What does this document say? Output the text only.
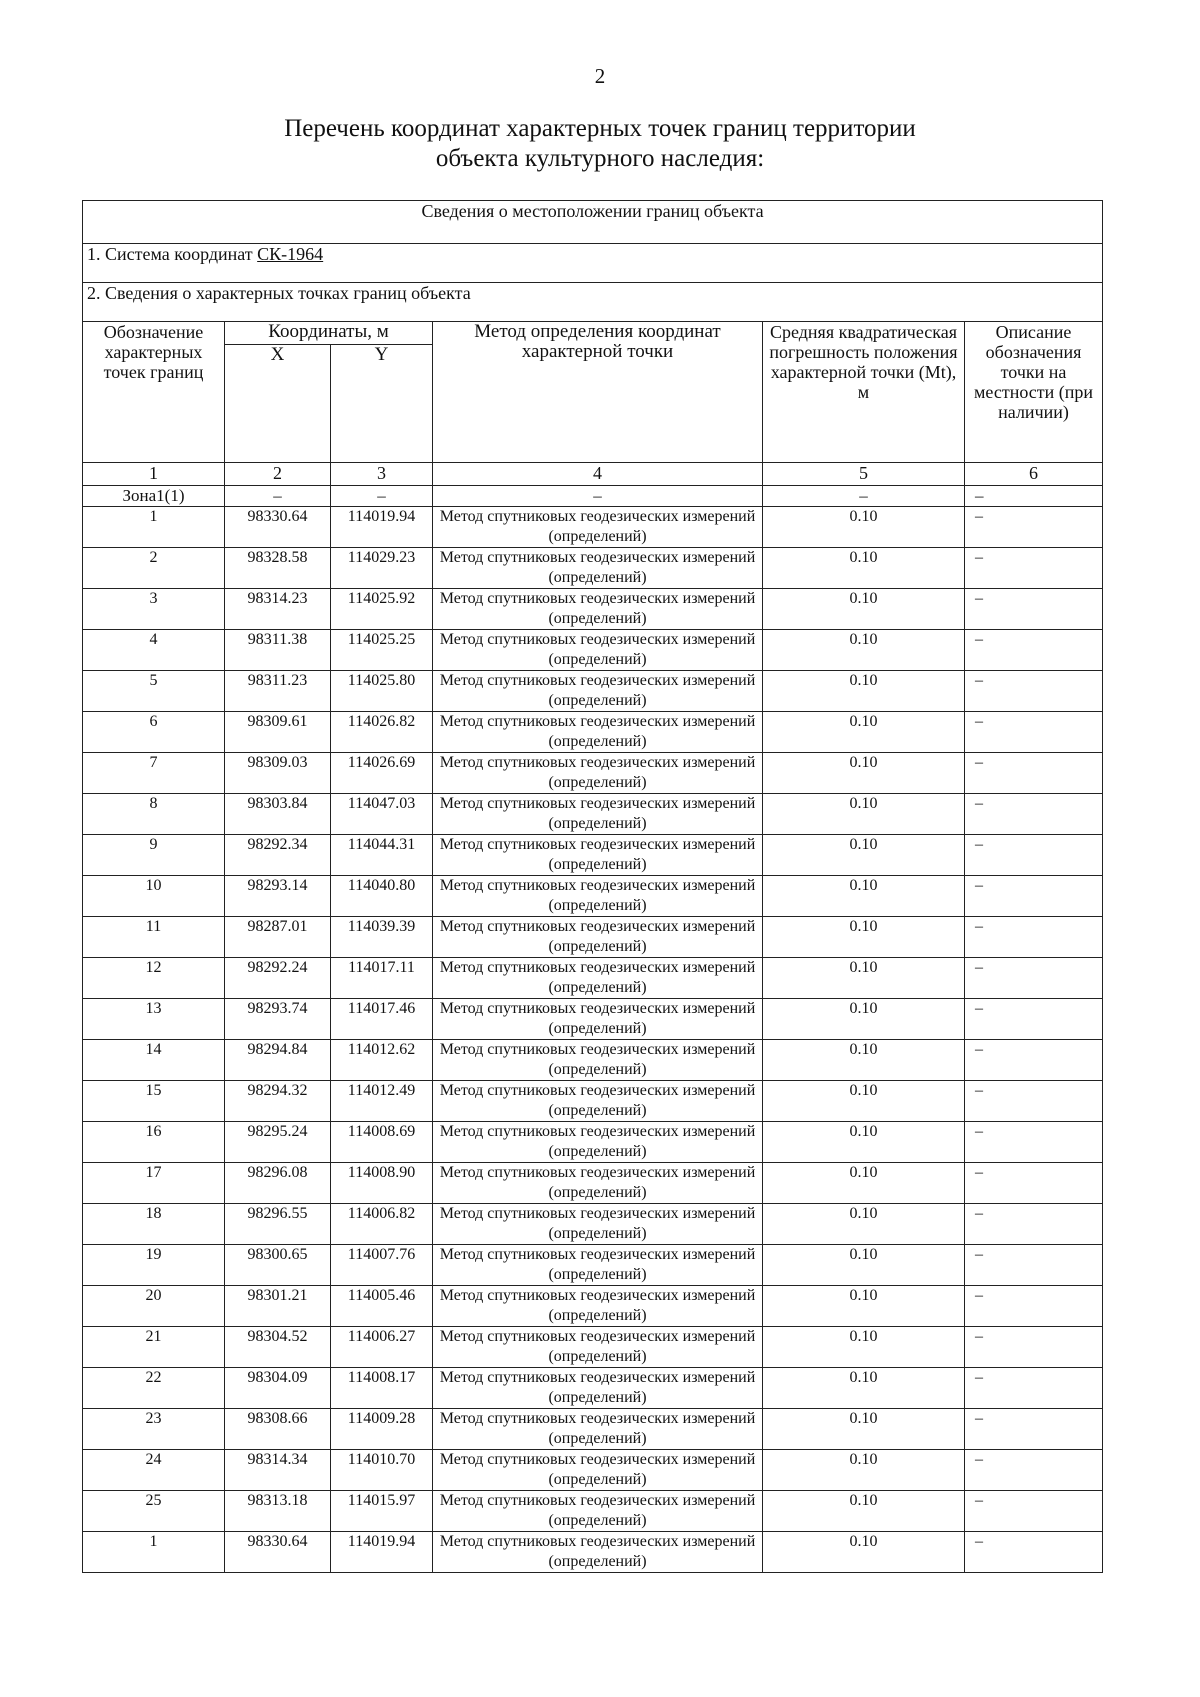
2
Перечень координат характерных точек границ территории
объекта культурного наследия:
Сведения о местоположении границ объекта					
1. Система координат СК-1964					
2. Сведения о характерных точках границ объекта					
Обозначение характерных точек границ	Координаты, м		Метод определения координат характерной точки	Средняя квадратическая погрешность положения характерной точки (Mt), м	Описание обозначения точки на местности (при наличии)
	X	Y			
1	2	3	4	5	6
Зона1(1)	–	–	–	–	–
1	98330.64	114019.94	Метод спутниковых геодезических измерений (определений)	0.10	–
2	98328.58	114029.23	Метод спутниковых геодезических измерений (определений)	0.10	–
3	98314.23	114025.92	Метод спутниковых геодезических измерений (определений)	0.10	–
4	98311.38	114025.25	Метод спутниковых геодезических измерений (определений)	0.10	–
5	98311.23	114025.80	Метод спутниковых геодезических измерений (определений)	0.10	–
6	98309.61	114026.82	Метод спутниковых геодезических измерений (определений)	0.10	–
7	98309.03	114026.69	Метод спутниковых геодезических измерений (определений)	0.10	–
8	98303.84	114047.03	Метод спутниковых геодезических измерений (определений)	0.10	–
9	98292.34	114044.31	Метод спутниковых геодезических измерений (определений)	0.10	–
10	98293.14	114040.80	Метод спутниковых геодезических измерений (определений)	0.10	–
11	98287.01	114039.39	Метод спутниковых геодезических измерений (определений)	0.10	–
12	98292.24	114017.11	Метод спутниковых геодезических измерений (определений)	0.10	–
13	98293.74	114017.46	Метод спутниковых геодезических измерений (определений)	0.10	–
14	98294.84	114012.62	Метод спутниковых геодезических измерений (определений)	0.10	–
15	98294.32	114012.49	Метод спутниковых геодезических измерений (определений)	0.10	–
16	98295.24	114008.69	Метод спутниковых геодезических измерений (определений)	0.10	–
17	98296.08	114008.90	Метод спутниковых геодезических измерений (определений)	0.10	–
18	98296.55	114006.82	Метод спутниковых геодезических измерений (определений)	0.10	–
19	98300.65	114007.76	Метод спутниковых геодезических измерений (определений)	0.10	–
20	98301.21	114005.46	Метод спутниковых геодезических измерений (определений)	0.10	–
21	98304.52	114006.27	Метод спутниковых геодезических измерений (определений)	0.10	–
22	98304.09	114008.17	Метод спутниковых геодезических измерений (определений)	0.10	–
23	98308.66	114009.28	Метод спутниковых геодезических измерений (определений)	0.10	–
24	98314.34	114010.70	Метод спутниковых геодезических измерений (определений)	0.10	–
25	98313.18	114015.97	Метод спутниковых геодезических измерений (определений)	0.10	–
1	98330.64	114019.94	Метод спутниковых геодезических измерений (определений)	0.10	–
